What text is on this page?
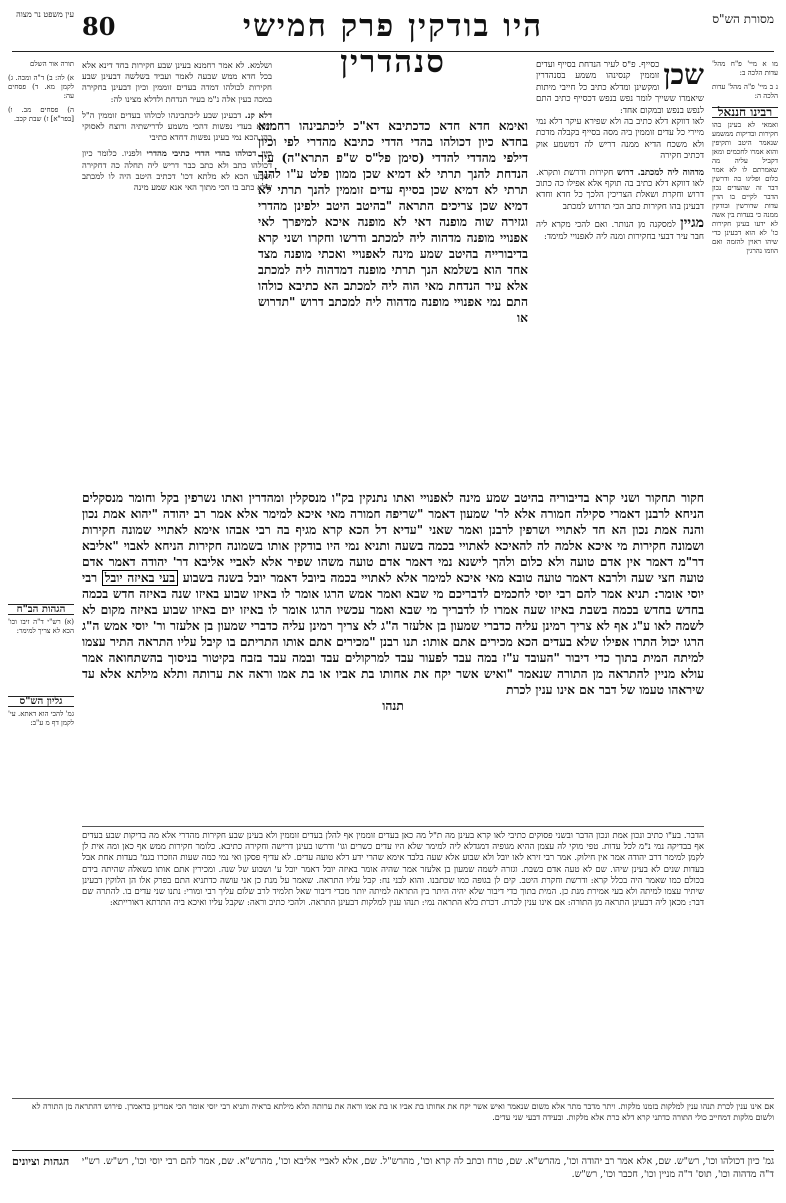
מסורת הש"ס
היו בודקין פרק חמישי סנהדרין
80
עין משפט נר מצוה

מו א מיי' פ"ח מהל' עדות הלכה ב:

נ ב מיי' פ"ה מהל' עדות הלכה ה:

רבינו חננאל

ואמאי לא בעינן בהו חקירות ובדיקות ממשמע שנאמר היטב ותקיפין והוא אמרו לחכמים ומאן דקביל עליה מה שאמרתם לו לא אמר כלום ופליגו בה ודרשין דבר זה שהעדים נכון הדבר לקיים בו הדין עדות שדורשין ובודקין ממנה כי בעדות בין אשה לא ידעו בעינן חקירות כו' לא הוא דבעינן כדי שיהו ראוין להזמה ואם הוזמו נהרגין

שכן
כסייף. פ"ס לעיר הנדחת בסייף ועדים זוממין קנסינהו משמע בסנהדרין ומקשינן ומדלא כתיב כל חייבי מיתות שיאמרו ששייך לומר נפש בנפש דכסייף כתיב התם לנפש בנפש ובמקום אחד:

לאו דווקא דלא כתיב בה ולא שפירא עיקר דלא נמי מיירי כל עדים זוממין ביה מסה בסייף בקבלה מדכת ולא משכח הדיא ממנה דריש לה דמשמע אוק דכתיב חקירה

מדהוה ליה למכתב. דרוש חקירות ודרשת ותקרא. לאו דווקא דלא כתיב בה תוקף אלא אפילו כה כתוב דרוש וחקרת ושאלת הצריכין הלכך כל חדא וחדא דבעינן בהו חקירות כתב הכי תדרוש למכתב

מגיין למסקנה מן הנותר. ואם להכי מקרא ליה חבר עיר דבעי בחקירות ומנה ליה לאפנויי למימד:

ושלמא. לא אמר רחמנא בעינן שבע חקירות בחד דינא אלא בכל חדא ממש שבעה לאמר ועביד בשלשה דבעינן שבע חקירות לכולהו דמדה בעדים זוממין וכיון דבעינן בחקירה במכה בעין אלה נ"מ בעיר הנדחת ולדלא מצינו לה:

דלא קנ. דבעינן שבע ליכתבינהו לכולהו בעדים זוממין ה"ל דוקא בעדי נפשות דהכי משמע לדרישתיה ורוצח לאסוקי בהו הכא נמי בעינן נפשות דחדא כתיבי

כיון דכולהו בהדי הדדי כתיבי מהדרי ולפניו. כלומר כיון דכולהו כתב ולא כתב כבר דריש ליה תחלה כה דחקירה ושבעו הכא לא מלתא דכו' דכתיב היטב היה לו למכתב שלא כתב בו הכי מתוך האי אנא שמע מינה

תורה אור השלם

א) לה: ב) ד"ה ומכה. ג) לקמן מא. ד) פסחים עה:

ה) פסחים מב. ו) [בפר"א] ז) שבת קכב.

הגהות הב"ח

(א) רש"י ד"ה זיבו וכו' הכא לא צריך למימר:

גליון הש"ס

גמ' להכי הוא דאתא. עי' לקמן דף מ ע"ב:

ואימא חדא חדא כדכתיבא דא"כ ליכתבינהו רחמנא בחדא כיון דכולהו בהדי הדדי כתיבא מהדרי לפי וכיון דילפי מהדדי להדדי (סימן פל"ס ש"פ התרא"ה) עיר הנדחת להנך תרתי לא דמיא שכן ממון פלט ע"ו להנך תרתי לא דמיא שכן בסייף עדים זוממין להנך תרתי לא דמיא שכן צריכים התראה "בהיטב היטב ילפינן מהדרי וגזירה שוה מופנה דאי לא מופנה איכא למיפרך לאי אפנויי מופנה מדהוה ליה למכתב ודרשו וחקרו ושני קרא בדיבורייה בהיטב שמע מינה לאפנויי ואכתי מופנה מצד אחד הוא בשלמא הנך תרתי מופנה דמדהוה ליה למכתב אלא עיר הנדחת מאי הוה ליה למכתב הא כתיבא כולהו התם נמי אפנויי מופנה מדהוה ליה למכתב דרוש "תדרוש או
חקור תחקור ושני קרא בדיבוריה בהיטב שמע מינה לאפנויי ואתו נתנקין בק"ו מנסקלין ומהדרין ואתו נשרפין בקל וחומר מנסקלים הניחא לרבנן דאמרי סקילה חמורה אלא לר' שמעון דאמר "שריפה חמורה מאי איכא למימר אלא אמר רב יהודה "יהוא אמת נכון והנה אמת נכון הא חד לאתויי ושרפין לרבנן ואמר שאני "עדיא דל הכא קרא מגיף בה רבי אבהו אימא לאתויי שמונה חקירות ושמונה חקירות מי איכא אלמה לה להאיכא לאתויי בכמה בשעה ותניא נמי היו בודקין אותו בשמונה חקירות הניחא לאבוי "אליבא דר"מ דאמר אין אדם טועה ולא כלום ולהך לישנא נמי דאמר אדם טועה משהו שפיר אלא לאביי אליבא דר' יהודה דאמר אדם טועה חצי שעה ולרבא דאמר טועה טובא מאי איכא למימר אלא לאתויי בכמה ביובל דאמר יובל בשנה בשבוע בעי באיזה יובל רבי יוסי אומר: תניא אמר להם רבי יוסי לחכמים לדבריכם מי שבא ואמר אמש הרגו אומר לו באיזו שבוע באיזו שנה באיזה חדש בכמה בחדש בחדש בכמה בשבת באיזו שעה אמרו לו לדבריך מי שבא ואמר עכשיו הרגו אומר לו באיזו יום באיזו שבוע באיזה מקום לא לשמה לאו ע"ג אף לא צריך רמינן עליה כדברי שמעון בן אלעזר ה"ג לא צריך רמינן עליה כדברי שמעון בן אלעזר ור' יוסי אמש ה"ג הרגו יכול התרו אפילו שלא בעדים הכא מכירים אתם אותו: תנו רבנן "מכירים אתם אותו התריתם בו קיבל עליו התראה התיר עצמו למיתה המית בתוך כדי דיבור "העובד ע"ז במה עבד לפעור עבד למרקולים עבד ובמה עבד בזבח בקיטור בניסוך בהשתחואה אמר עולא מניין להתראה מן התורה שנאמר "ואיש אשר יקח את אחותו בת אביו או בת אמו וראה את ערותה ותלא מילתא אלא עד שיראהו טעמו של דבר אם אינו ענין לכרת
תנהו
הדבר. בע"ו כתיב ונכון אמת ונכון הדבר ובשני פסוקים כתיבי לאו קרא בעינן מה ת"ל מה כאן בעדים זוממין אף להלן בעדים זוממין ולא בעינן שבע חקירות מהדרי אלא מה בדיקות שבע בעדים אף בבדיקה נמי נ"מ לכל עדות. טפי מוקי לה עצמן ההיא מגופיה דמגדלא ליה למימר שלא היו עדים כשרים וגו' ודרשו בעינן דרישה וחקירה כתיבא. כלומר חקירות ממש אף כאן ומה אית לן לקמן למימר דרב יהודה אמר אין חילוק. אמר רבי זירא לאו יובל ולא שבוע אלא שעה בלבד אימא שהרי ידע דלא טועה עדים. לא עדיף פסקן ואי נמי כמה שעות הוזכרו בגמ' בעדות אחת אבל בעדות שנים לא בעינן שיהו. שם לא טעה אדם בשבת. וגזרה לשמה שמעון בן אלעזר אמר שהיה אומר באיזה יובל דאמר יובל ע' ושבוע של שנה. ומכירין אתם אותו בשאלה שהיתה בידם בכולם כמו שאמר היה בכלל קרא: ודרשת וחקרת היטב. קים לן בגופה כמו שכתבנו. והוא לבני נח: קבל עליו התראה. שאמר על מנת כן אני עושה כדתניא התם בפרק אלו הן הלוקין דבעינן שיתיר עצמו למיתה ולא בעי אמירת מנת כן. המית בתוך כדי דיבור שלא יהיה היתר בין התראה למיתה יותר מכדי דיבור שאל תלמיד לרב שלום עליך רבי ומורי: נתנו שני עדים בו. להתרה שם דבר: מכאן ליה דבעינן התראה מן התורה: אם אינו ענין לכרת. דכרת בלא התראה נמי: תנהו ענין למלקות דבעינן התראה. ולהכי כתיב וראה: שקבל עליו ואיכא ביה התרתא דאורייתא:
אם אינו ענין לכרת תנהו ענין למלקות בזמנו מלקות. ויתר מדבר מתר אלא משום שנאמר ואיש אשר יקח את אחותו בת אביו או בת אמו וראה את ערותה תלא מילתא בראיה ותניא רבי יוסי אומר הכי אמרינן כדאמרן. פירוש דהתראה מן התורה לא ולשום מלקות דמחייב כולי התורה כדתני קרא דלא כרת אלא מלקות. ובעידה דבעי שני עדים.
הגהות וציונים גמ' כיון דכולהו וכו', רש"ש. שם, אלא אמר רב יהודה וכו', מהרש"א. שם, טרח וכתב לה קרא וכו', מהרש"ל. שם, אלא לאביי אליבא וכו', מהרש"א. שם, אמר להם רבי יוסי וכו', רש"ש. רש"י ד"ה מדהוה וכו', תוס' ד"ה מניין וכו', חכבר וכו', רש"ש.
